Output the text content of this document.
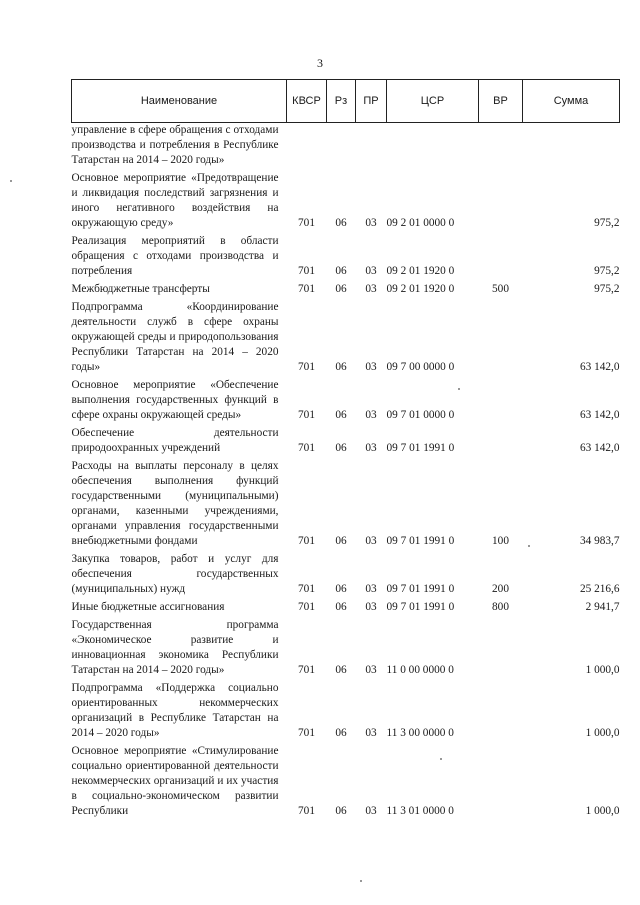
3
Наименование	КВСР	Рз	ПР	ЦСР	ВР	Сумма
управление в сфере обращения с отходами производства и потребления в Республике Татарстан на 2014 – 2020 годы»						
Основное мероприятие «Предотвращение и ликвидация последствий загрязнения и иного негативного воздействия на окружающую среду»	701	06	03	09 2 01 0000 0		975,2
Реализация мероприятий в области обращения с отходами производства и потребления	701	06	03	09 2 01 1920 0		975,2
Межбюджетные трансферты	701	06	03	09 2 01 1920 0	500	975,2
Подпрограмма «Координирование деятельности служб в сфере охраны окружающей среды и природопользования Республики Татарстан на 2014 – 2020 годы»	701	06	03	09 7 00 0000 0		63 142,0
Основное мероприятие «Обеспечение выполнения государственных функций в сфере охраны окружающей среды»	701	06	03	09 7 01 0000 0		63 142,0
Обеспечение деятельности природоохранных учреждений	701	06	03	09 7 01 1991 0		63 142,0
Расходы на выплаты персоналу в целях обеспечения выполнения функций государственными (муниципальными) органами, казенными учреждениями, органами управления государственными внебюджетными фондами	701	06	03	09 7 01 1991 0	100	34 983,7
Закупка товаров, работ и услуг для обеспечения государственных (муниципальных) нужд	701	06	03	09 7 01 1991 0	200	25 216,6
Иные бюджетные ассигнования	701	06	03	09 7 01 1991 0	800	2 941,7
Государственная программа «Экономическое развитие и инновационная экономика Республики Татарстан на 2014 – 2020 годы»	701	06	03	11 0 00 0000 0		1 000,0
Подпрограмма «Поддержка социально ориентированных некоммерческих организаций в Республике Татарстан на 2014 – 2020 годы»	701	06	03	11 3 00 0000 0		1 000,0
Основное мероприятие «Стимулирование социально ориентированной деятельности некоммерческих организаций и их участия в социально-экономическом развитии Республики	701	06	03	11 3 01 0000 0		1 000,0
